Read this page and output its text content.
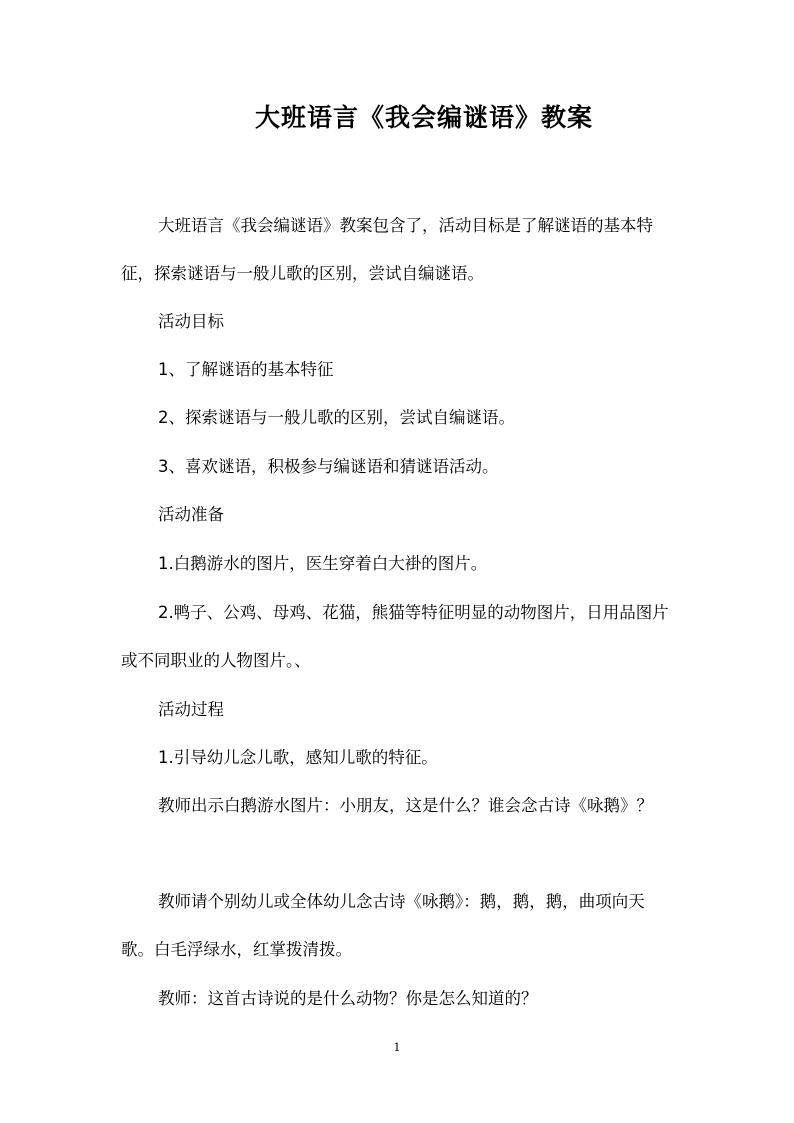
大班语言《我会编谜语》教案

大班语言《我会编谜语》教案包含了，活动目标是了解谜语的基本特征，探索谜语与一般儿歌的区别，尝试自编谜语。

活动目标

1、了解谜语的基本特征

2、探索谜语与一般儿歌的区别，尝试自编谜语。

3、喜欢谜语，积极参与编谜语和猜谜语活动。

活动准备

1.白鹅游水的图片，医生穿着白大褂的图片。

2.鸭子、公鸡、母鸡、花猫，熊猫等特征明显的动物图片，日用品图片或不同职业的人物图片。、

活动过程

1.引导幼儿念儿歌，感知儿歌的特征。

教师出示白鹅游水图片：小朋友，这是什么？谁会念古诗《咏鹅》？

教师请个别幼儿或全体幼儿念古诗《咏鹅》：鹅，鹅，鹅，曲项向天歌。白毛浮绿水，红掌拨清拨。

教师：这首古诗说的是什么动物？你是怎么知道的？

1
